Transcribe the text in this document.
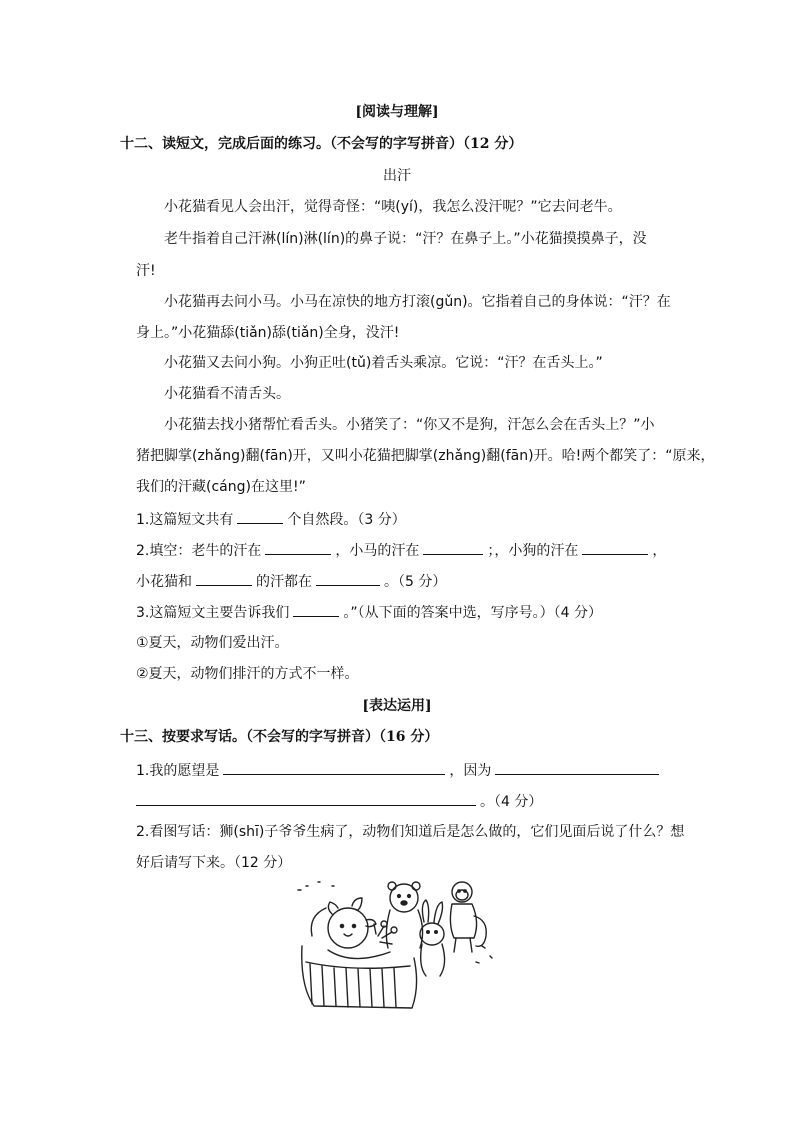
[阅读与理解]
十二、读短文，完成后面的练习。（不会写的字写拼音）（12 分）
出汗
小花猫看见人会出汗，觉得奇怪：“咦(yí)，我怎么没汗呢？”它去问老牛。
老牛指着自己汗淋(lín)淋(lín)的鼻子说：“汗？在鼻子上。”小花猫摸摸鼻子，没
汗!
小花猫再去问小马。小马在凉快的地方打滚(gǔn)。它指着自己的身体说：“汗？在
身上。”小花猫舔(tiǎn)舔(tiǎn)全身，没汗!
小花猫又去问小狗。小狗正吐(tǔ)着舌头乘凉。它说：“汗？在舌头上。”
小花猫看不清舌头。
小花猫去找小猪帮忙看舌头。小猪笑了：“你又不是狗，汗怎么会在舌头上？”小
猪把脚掌(zhǎng)翻(fān)开，又叫小花猫把脚掌(zhǎng)翻(fān)开。哈!两个都笑了：“原来，
我们的汗藏(cáng)在这里!”
1.这篇短文共有	个自然段。（3 分）
2.填空：老牛的汗在	，小马的汗在	；，小狗的汗在	，
小花猫和	的汗都在	。（5 分）
3.这篇短文主要告诉我们	。”（从下面的答案中选，写序号。）（4 分）
①夏天，动物们爱出汗。
②夏天，动物们排汗的方式不一样。
[表达运用]
十三、按要求写话。（不会写的字写拼音）（16 分）
1.我的愿望是	，因为
。（4 分）
2.看图写话：狮(shī)子爷爷生病了，动物们知道后是怎么做的，它们见面后说了什么？想
好后请写下来。（12 分）
